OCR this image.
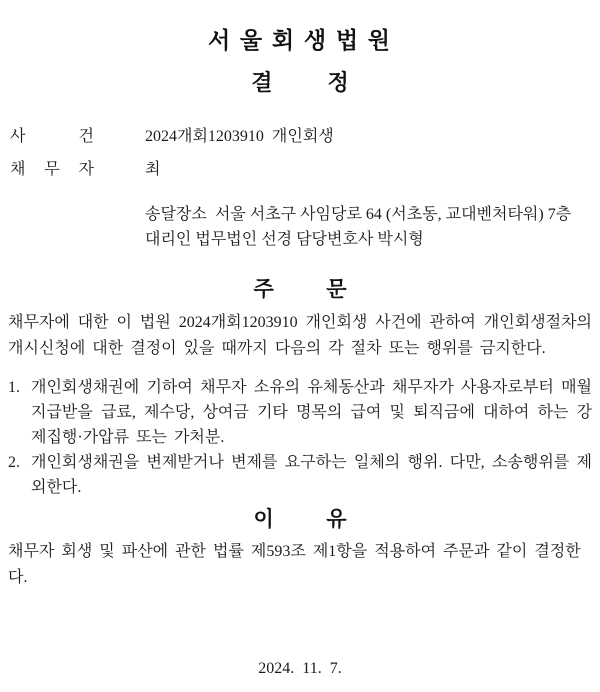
서 울 회 생 법 원
결          정
사	건	2024개회1203910  개인회생
채 무 자	최
송달장소  서울 서초구 사임당로 64 (서초동, 교대벤처타워) 7층
대리인 법무법인 선경 담당변호사 박시형
주          문

채무자에 대한 이 법원 2024개회1203910 개인회생 사건에 관하여 개인회생절차의 개시신청에 대한 결정이 있을 때까지 다음의 각 절차 또는 행위를 금지한다.

1. 개인회생채권에 기하여 채무자 소유의 유체동산과 채무자가 사용자로부터 매월 지급받을 급료, 제수당, 상여금 기타 명목의 급여 및 퇴직금에 대하여 하는 강제집행·가압류 또는 가처분.
2. 개인회생채권을 변제받거나 변제를 요구하는 일체의 행위. 다만, 소송행위를 제외한다.
이          유

채무자 회생 및 파산에 관한 법률 제593조 제1항을 적용하여 주문과 같이 결정한다.

2024.  11.  7.
